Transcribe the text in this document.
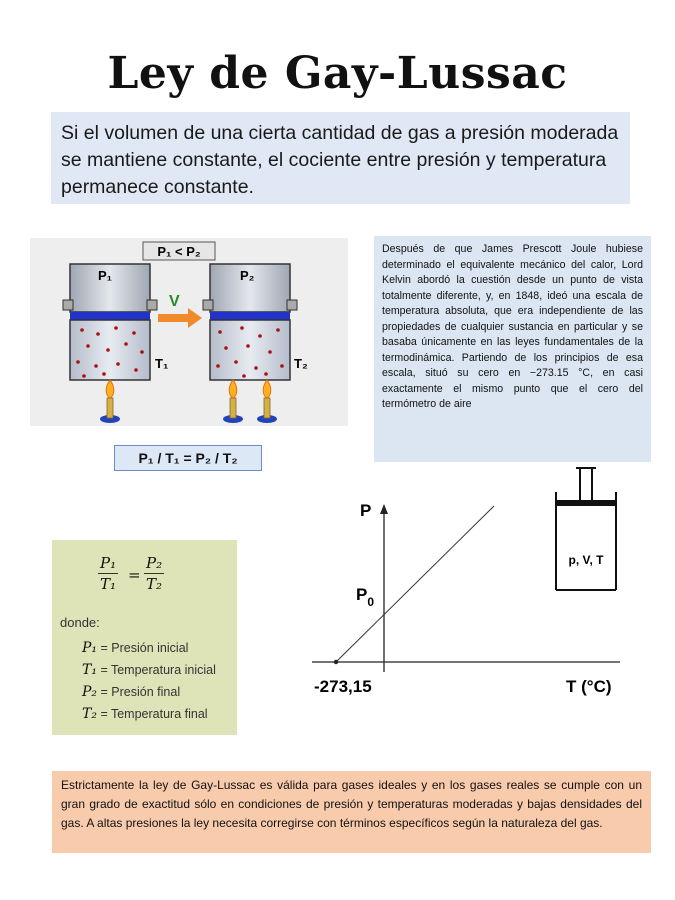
Ley de Gay-Lussac
Si el volumen de una cierta cantidad de gas a presión moderada se mantiene constante, el cociente entre presión y temperatura permanece constante.
P₁ < P₂
P₁
T₁
V
P₂
T₂
P₁ / T₁ = P₂ / T₂
Después de que James Prescott Joule hubiese determinado el equivalente mecánico del calor, Lord Kelvin abordó la cuestión desde un punto de vista totalmente diferente, y, en 1848, ideó una escala de temperatura absoluta, que era independiente de las propiedades de cualquier sustancia en particular y se basaba únicamente en las leyes fundamentales de la termodinámica. Partiendo de los principios de esa escala, situó su cero en −273.15 °C, en casi exactamente el mismo punto que el cero del termómetro de aire
P
$P_0$
-273,15	T (°C)
p, V, T
$\frac{\text{P₁}}{\text{T₁}} = \frac{\text{P₂}}{\text{T₂}}$
donde:
P₁ = Presión inicial
T₁ = Temperatura inicial
P₂ = Presión final
T₂ = Temperatura final
Estrictamente la ley de Gay-Lussac es válida para gases ideales y en los gases reales se cumple con un gran grado de exactitud sólo en condiciones de presión y temperaturas moderadas y bajas densidades del gas. A altas presiones la ley necesita corregirse con términos específicos según la naturaleza del gas.
